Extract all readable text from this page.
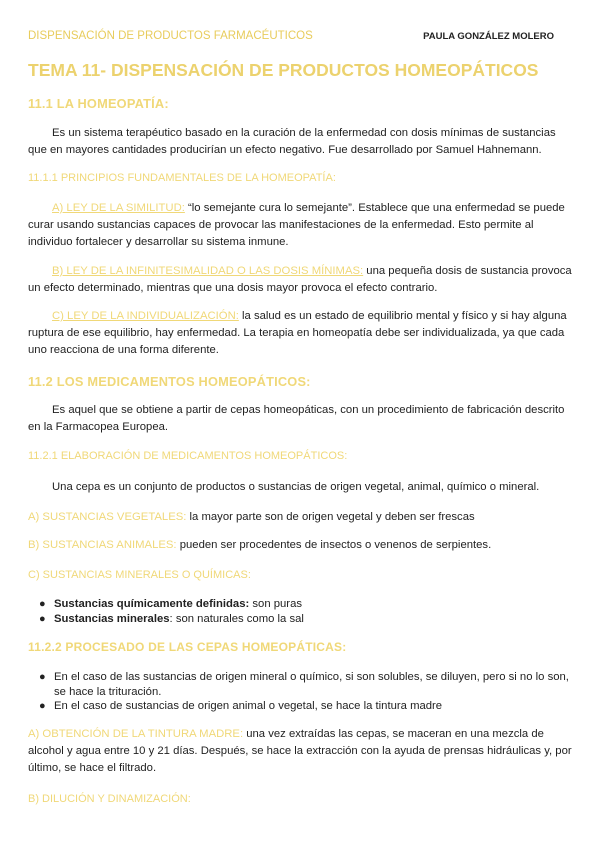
DISPENSACIÓN DE PRODUCTOS FARMACÉUTICOS	PAULA GONZÁLEZ MOLERO
TEMA 11- DISPENSACIÓN DE PRODUCTOS HOMEOPÁTICOS
11.1 LA HOMEOPATÍA:
Es un sistema terapéutico basado en la curación de la enfermedad con dosis mínimas de sustancias que en mayores cantidades producirían un efecto negativo. Fue desarrollado por Samuel Hahnemann.
11.1.1 PRINCIPIOS FUNDAMENTALES DE LA HOMEOPATÍA:
A) LEY DE LA SIMILITUD: “lo semejante cura lo semejante”. Establece que una enfermedad se puede curar usando sustancias capaces de provocar las manifestaciones de la enfermedad. Esto permite al individuo fortalecer y desarrollar su sistema inmune.
B) LEY DE LA INFINITESIMALIDAD O LAS DOSIS MÍNIMAS: una pequeña dosis de sustancia provoca un efecto determinado, mientras que una dosis mayor provoca el efecto contrario.
C) LEY DE LA INDIVIDUALIZACIÓN: la salud es un estado de equilibrio mental y físico y si hay alguna ruptura de ese equilibrio, hay enfermedad. La terapia en homeopatía debe ser individualizada, ya que cada uno reacciona de una forma diferente.
11.2 LOS MEDICAMENTOS HOMEOPÁTICOS:
Es aquel que se obtiene a partir de cepas homeopáticas, con un procedimiento de fabricación descrito en la Farmacopea Europea.
11.2.1 ELABORACIÓN DE MEDICAMENTOS HOMEOPÁTICOS:
Una cepa es un conjunto de productos o sustancias de origen vegetal, animal, químico o mineral.
A) SUSTANCIAS VEGETALES: la mayor parte son de origen vegetal y deben ser frescas
B) SUSTANCIAS ANIMALES: pueden ser procedentes de insectos o venenos de serpientes.
C) SUSTANCIAS MINERALES O QUÍMICAS:
● Sustancias químicamente definidas: son puras
● Sustancias minerales: son naturales como la sal
11.2.2 PROCESADO DE LAS CEPAS HOMEOPÁTICAS:
● En el caso de las sustancias de origen mineral o químico, si son solubles, se diluyen, pero si no lo son, se hace la trituración.
● En el caso de sustancias de origen animal o vegetal, se hace la tintura madre
A) OBTENCIÓN DE LA TINTURA MADRE: una vez extraídas las cepas, se maceran en una mezcla de alcohol y agua entre 10 y 21 días. Después, se hace la extracción con la ayuda de prensas hidráulicas y, por último, se hace el filtrado.
B) DILUCIÓN Y DINAMIZACIÓN:
